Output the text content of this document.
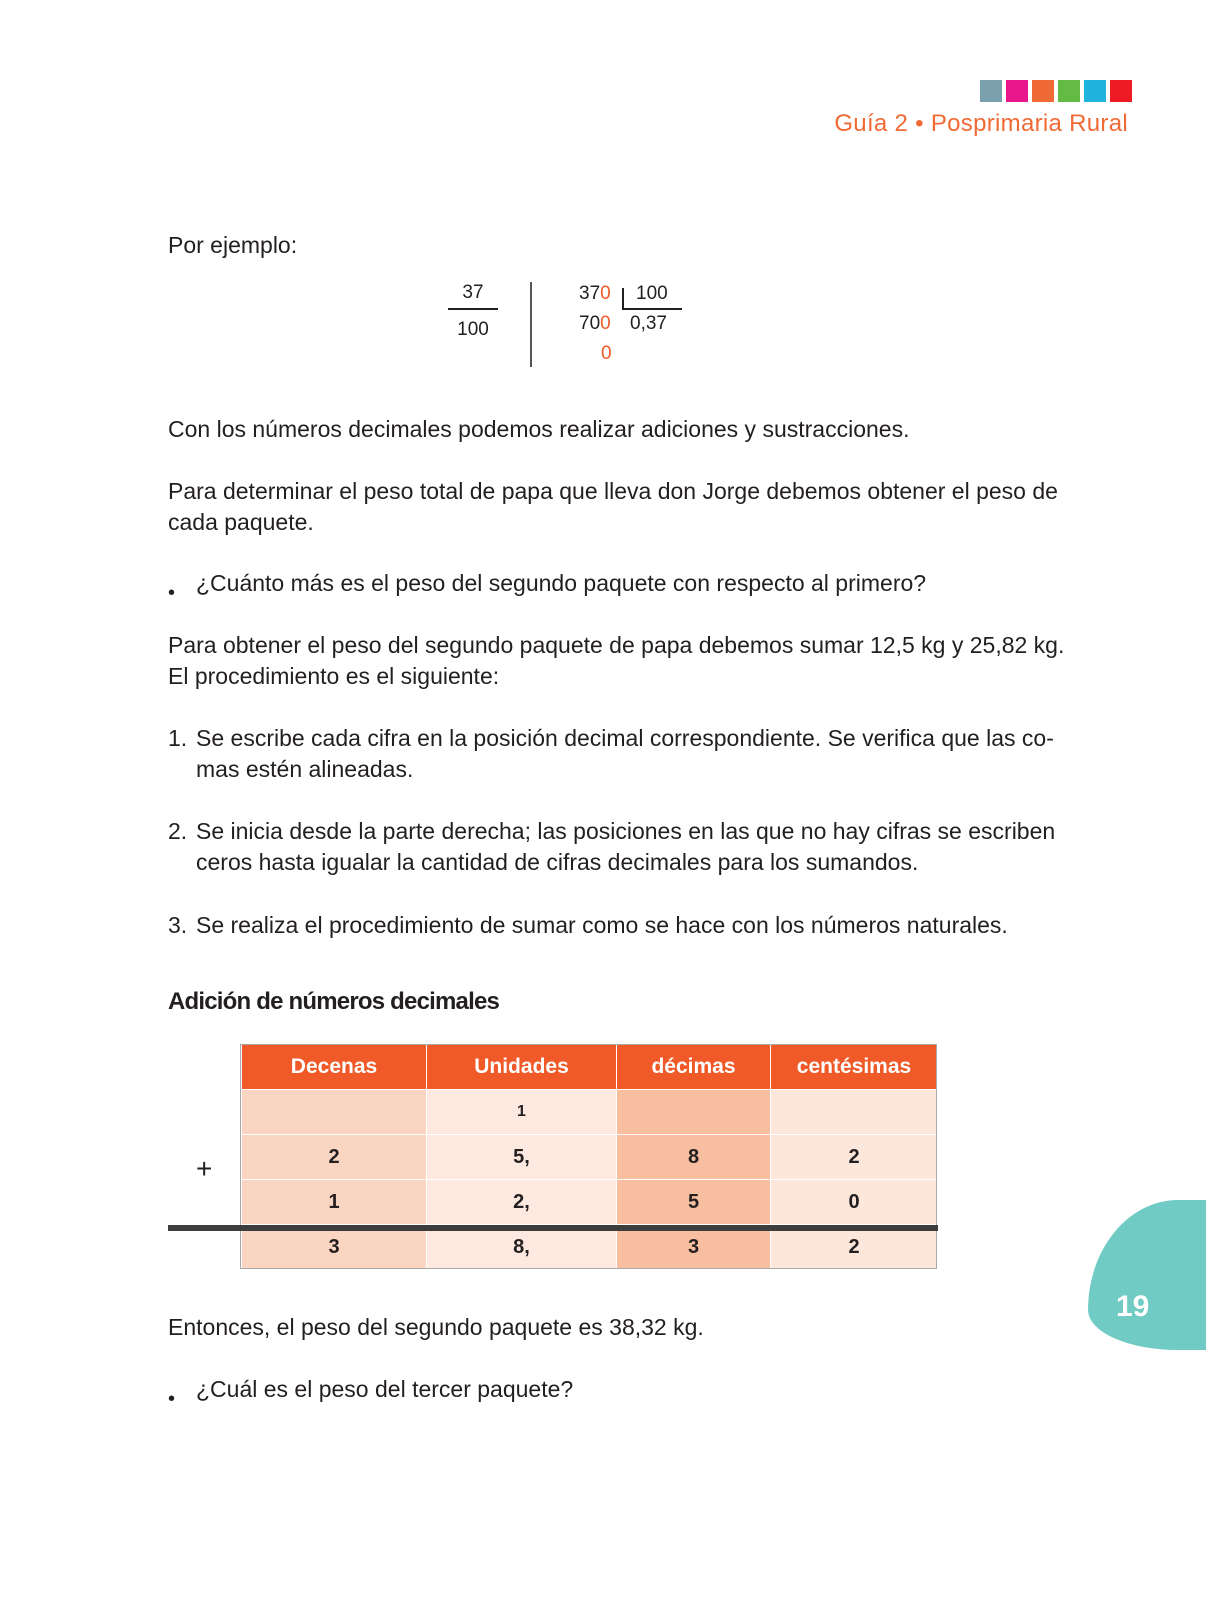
Guía 2 • Posprimaria Rural
Por ejemplo:
37
100
370 100
700 0,37
0
Con los números decimales podemos realizar adiciones y sustracciones.
Para determinar el peso total de papa que lleva don Jorge debemos obtener el peso de cada paquete.
• ¿Cuánto más es el peso del segundo paquete con respecto al primero?
Para obtener el peso del segundo paquete de papa debemos sumar 12,5 kg y 25,82 kg. El procedimiento es el siguiente:
1. Se escribe cada cifra en la posición decimal correspondiente. Se verifica que las comas estén alineadas.
2. Se inicia desde la parte derecha; las posiciones en las que no hay cifras se escriben ceros hasta igualar la cantidad de cifras decimales para los sumandos.
3. Se realiza el procedimiento de sumar como se hace con los números naturales.
Adición de números decimales
+
Decenas	Unidades	décimas	centésimas
	1		
2	5,	8	2
1	2,	5	0
3	8,	3	2
Entonces, el peso del segundo paquete es 38,32 kg.
• ¿Cuál es el peso del tercer paquete?
19
